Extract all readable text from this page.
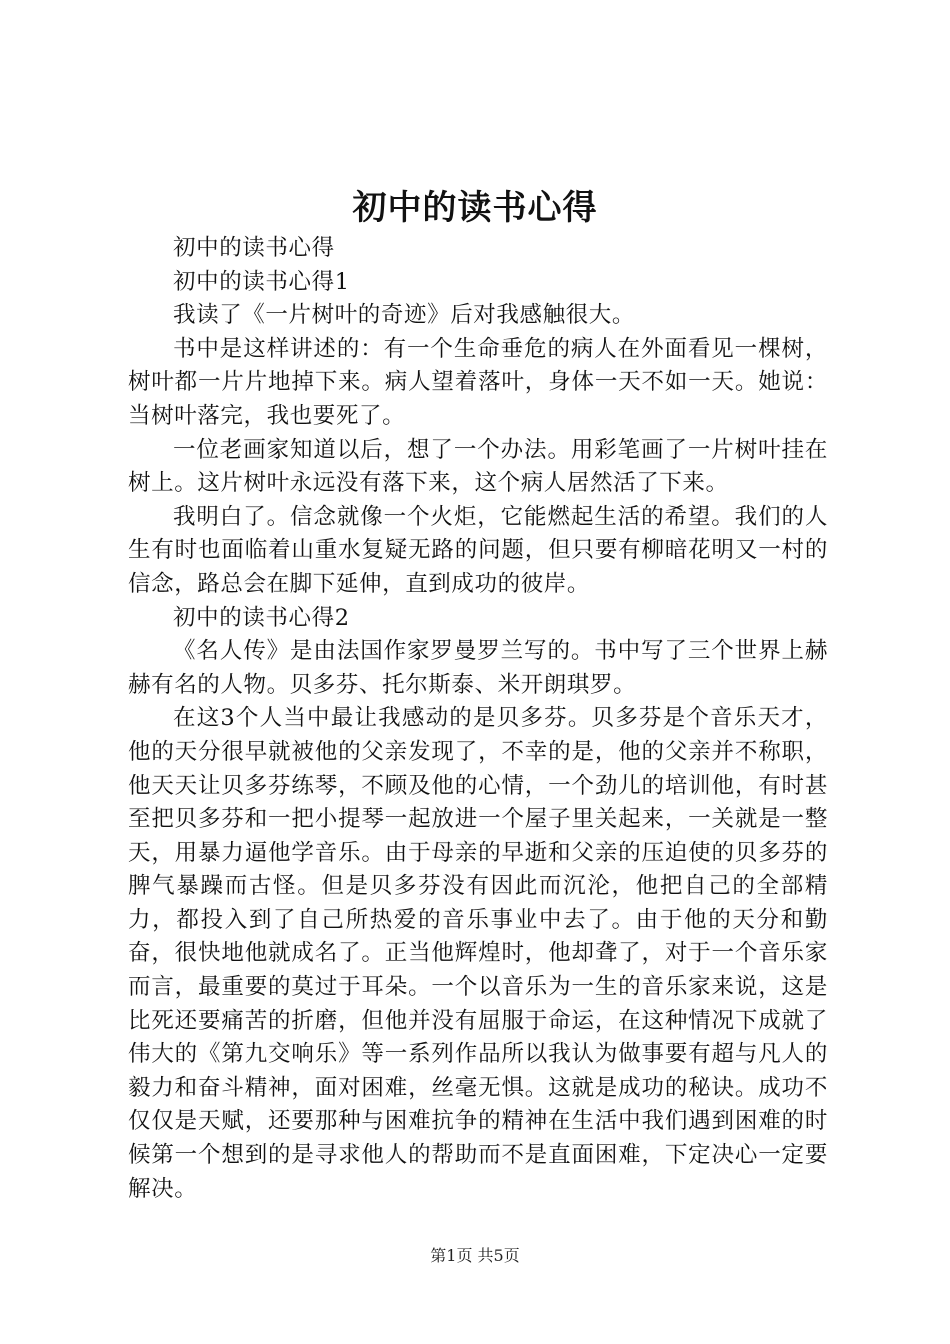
初中的读书心得

初中的读书心得

初中的读书心得1

我读了《一片树叶的奇迹》后对我感触很大。

书中是这样讲述的：有一个生命垂危的病人在外面看见一棵树，树叶都一片片地掉下来。病人望着落叶，身体一天不如一天。她说：当树叶落完，我也要死了。

一位老画家知道以后，想了一个办法。用彩笔画了一片树叶挂在树上。这片树叶永远没有落下来，这个病人居然活了下来。

我明白了。信念就像一个火炬，它能燃起生活的希望。我们的人生有时也面临着山重水复疑无路的问题，但只要有柳暗花明又一村的信念，路总会在脚下延伸，直到成功的彼岸。

初中的读书心得2

《名人传》是由法国作家罗曼罗兰写的。书中写了三个世界上赫赫有名的人物。贝多芬、托尔斯泰、米开朗琪罗。

在这3个人当中最让我感动的是贝多芬。贝多芬是个音乐天才，他的天分很早就被他的父亲发现了，不幸的是，他的父亲并不称职，他天天让贝多芬练琴，不顾及他的心情，一个劲儿的培训他，有时甚至把贝多芬和一把小提琴一起放进一个屋子里关起来，一关就是一整天，用暴力逼他学音乐。由于母亲的早逝和父亲的压迫使的贝多芬的脾气暴躁而古怪。但是贝多芬没有因此而沉沦，他把自己的全部精力，都投入到了自己所热爱的音乐事业中去了。由于他的天分和勤奋，很快地他就成名了。正当他辉煌时，他却聋了，对于一个音乐家而言，最重要的莫过于耳朵。一个以音乐为一生的音乐家来说，这是比死还要痛苦的折磨，但他并没有屈服于命运，在这种情况下成就了伟大的《第九交响乐》等一系列作品所以我认为做事要有超与凡人的毅力和奋斗精神，面对困难，丝毫无惧。这就是成功的秘诀。成功不仅仅是天赋，还要那种与困难抗争的精神在生活中我们遇到困难的时候第一个想到的是寻求他人的帮助而不是直面困难，下定决心一定要解决。

第1页 共5页
